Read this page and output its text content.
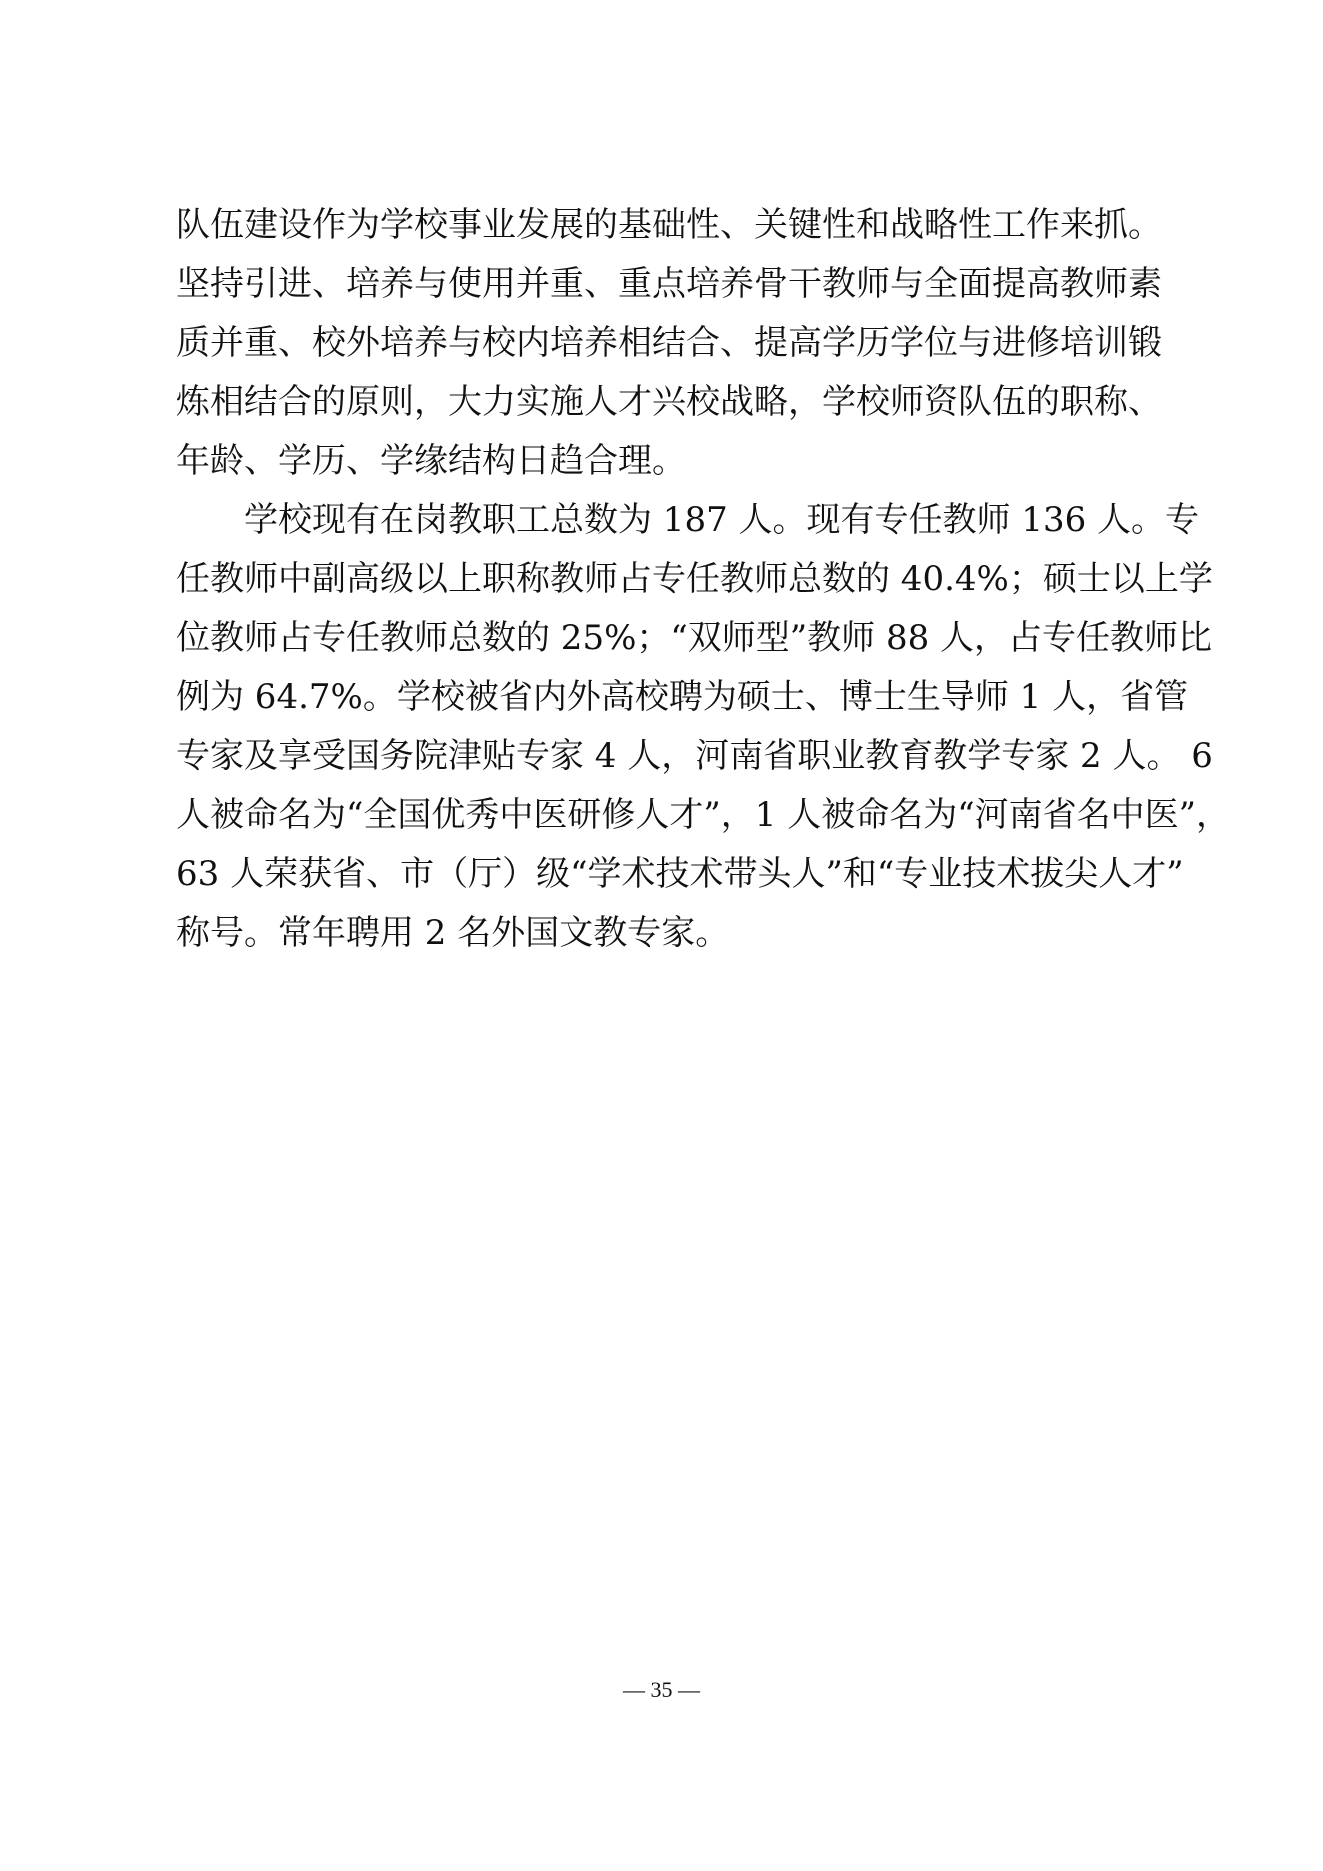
队伍建设作为学校事业发展的基础性、关键性和战略性工作来抓。
坚持引进、培养与使用并重、重点培养骨干教师与全面提高教师素
质并重、校外培养与校内培养相结合、提高学历学位与进修培训锻
炼相结合的原则，大力实施人才兴校战略，学校师资队伍的职称、
年龄、学历、学缘结构日趋合理。
学校现有在岗教职工总数为 187 人。现有专任教师 136 人。专
任教师中副高级以上职称教师占专任教师总数的 40.4%；硕士以上学
位教师占专任教师总数的 25%；“双师型”教师 88 人，占专任教师比
例为 64.7%。学校被省内外高校聘为硕士、博士生导师 1 人，省管
专家及享受国务院津贴专家 4 人，河南省职业教育教学专家 2 人。 6
人被命名为“全国优秀中医研修人才”，1 人被命名为“河南省名中医”，
63 人荣获省、市（厅）级“学术技术带头人”和“专业技术拔尖人才”
称号。常年聘用 2 名外国文教专家。
— 35 —
